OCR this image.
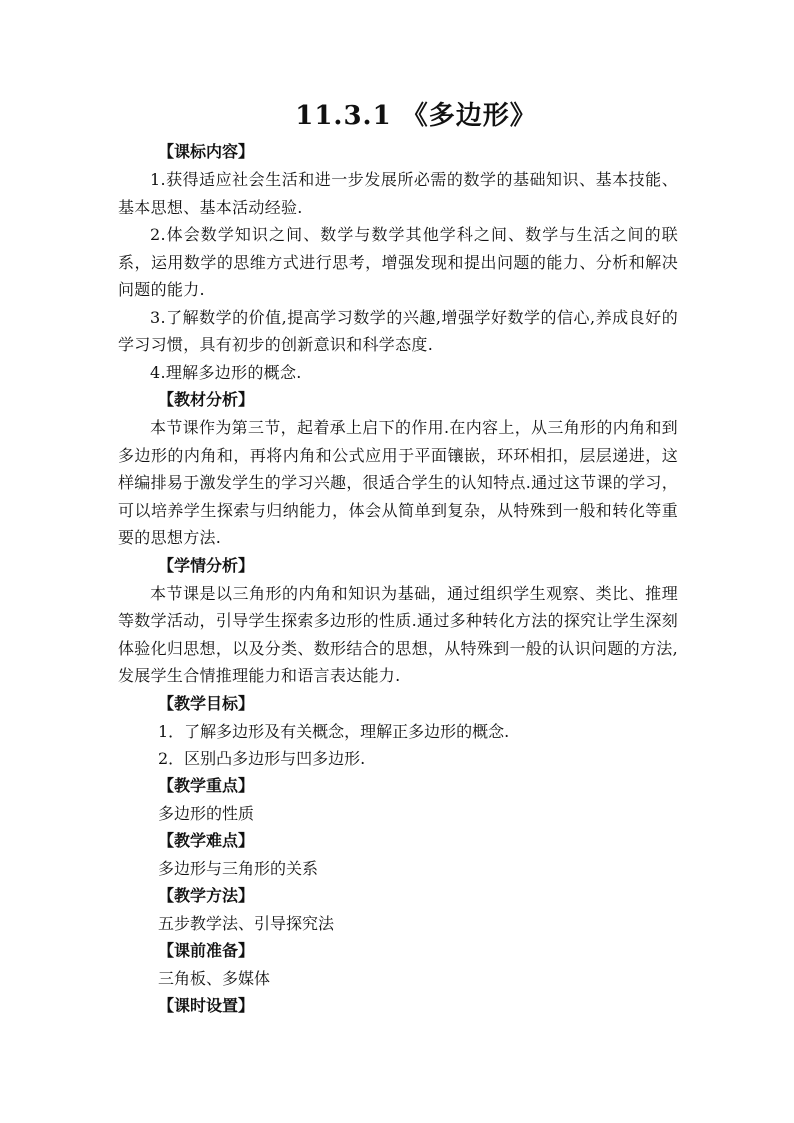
11.3.1 《多边形》

【课标内容】

1.获得适应社会生活和进一步发展所必需的数学的基础知识、基本技能、基本思想、基本活动经验.

2.体会数学知识之间、数学与数学其他学科之间、数学与生活之间的联系，运用数学的思维方式进行思考，增强发现和提出问题的能力、分析和解决问题的能力.

3.了解数学的价值,提高学习数学的兴趣,增强学好数学的信心,养成良好的学习习惯，具有初步的创新意识和科学态度.

4.理解多边形的概念.

【教材分析】

本节课作为第三节，起着承上启下的作用.在内容上，从三角形的内角和到多边形的内角和，再将内角和公式应用于平面镶嵌，环环相扣，层层递进，这样编排易于激发学生的学习兴趣，很适合学生的认知特点.通过这节课的学习，可以培养学生探索与归纳能力，体会从简单到复杂，从特殊到一般和转化等重要的思想方法.

【学情分析】

本节课是以三角形的内角和知识为基础，通过组织学生观察、类比、推理等数学活动，引导学生探索多边形的性质.通过多种转化方法的探究让学生深刻体验化归思想，以及分类、数形结合的思想，从特殊到一般的认识问题的方法,发展学生合情推理能力和语言表达能力.

【教学目标】

1．了解多边形及有关概念，理解正多边形的概念.

2．区别凸多边形与凹多边形.

【教学重点】

多边形的性质

【教学难点】

多边形与三角形的关系

【教学方法】

五步教学法、引导探究法

【课前准备】

三角板、多媒体

【课时设置】
